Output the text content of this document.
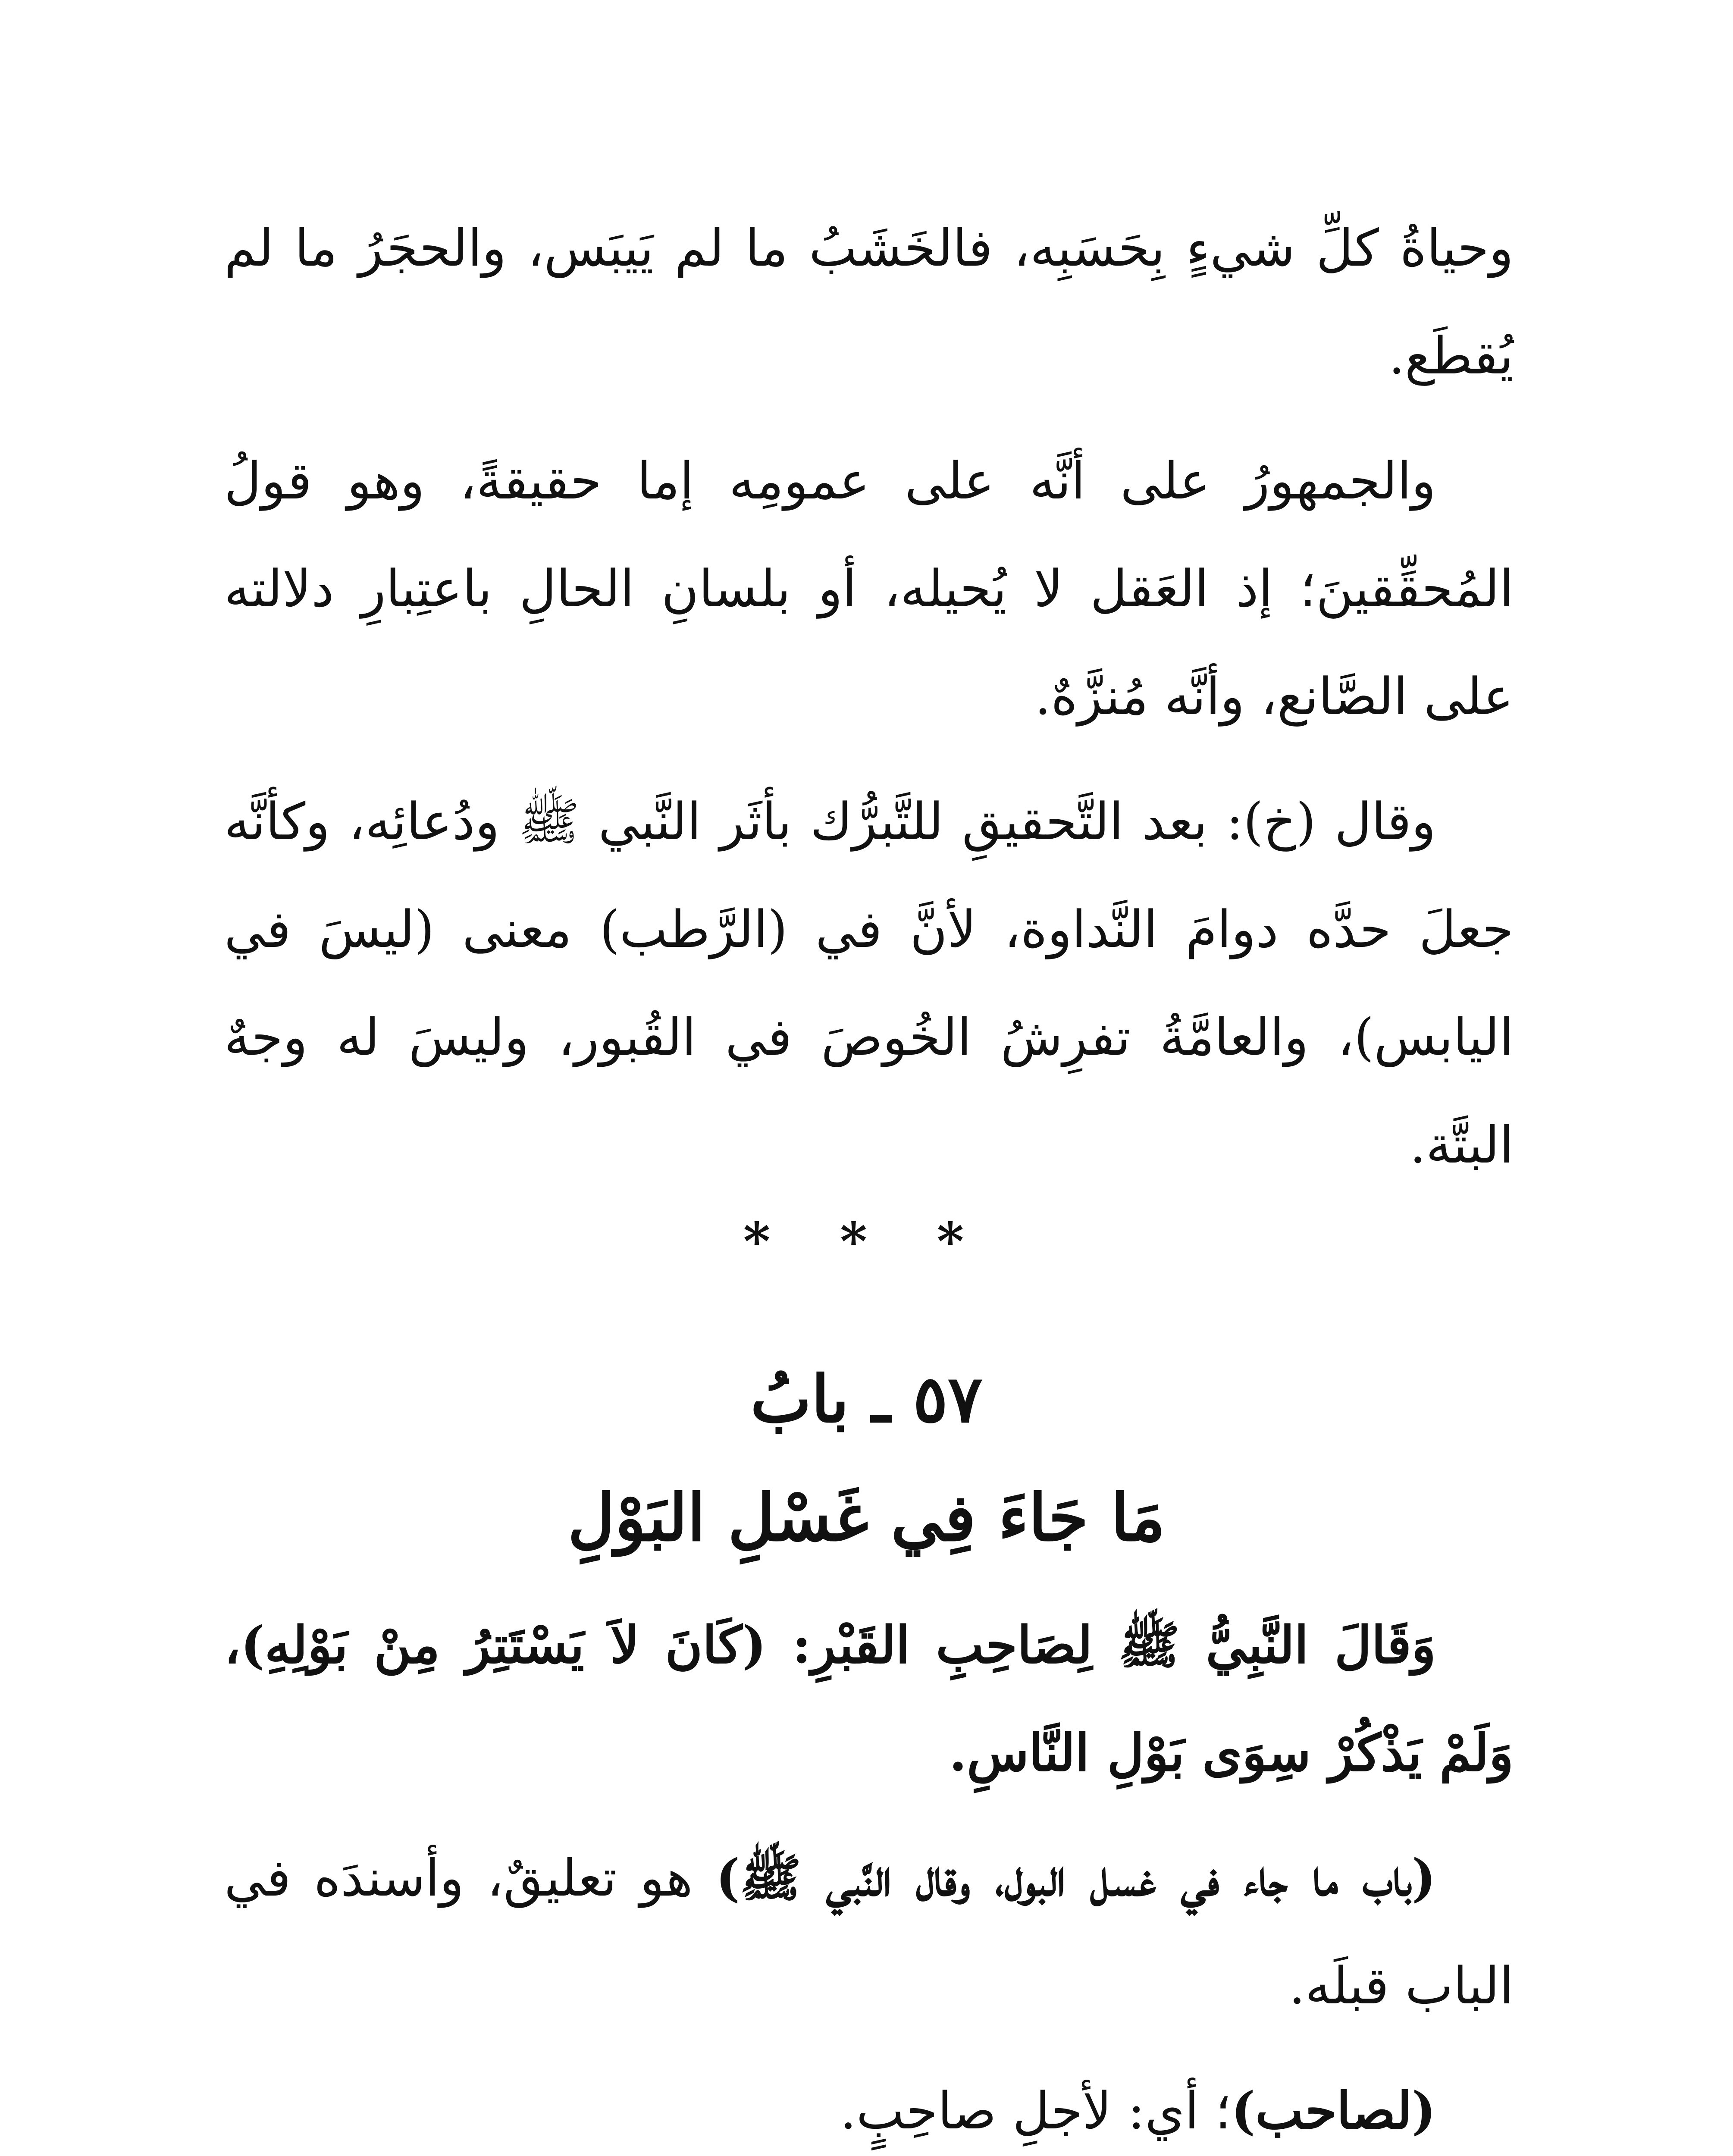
وحياةُ كلِّ شيءٍ بِحَسَبِه، فالخَشَبُ ما لم يَيبَس، والحجَرُ ما لم يُقطَع.

والجمهورُ على أنَّه على عمومِه إما حقيقةً، وهو قولُ المُحقِّقينَ؛ إذ العَقل لا يُحيله، أو بلسانِ الحالِ باعتِبارِ دلالته على الصَّانع، وأنَّه مُنزَّهٌ.

وقال (خ): بعد التَّحقيقِ للتَّبرُّك بأثَر النَّبي ﷺ ودُعائِه، وكأنَّه جعلَ حدَّه دوامَ النَّداوة، لأنَّ في (الرَّطب) معنى (ليسَ في اليابس)، والعامَّةُ تفرِشُ الخُوصَ في القُبور، وليسَ له وجهٌ البتَّة.

* * *
٥٧ ـ بابُ
مَا جَاءَ فِي غَسْلِ البَوْلِ

وَقَالَ النَّبِيُّ ﷺ لِصَاحِبِ القَبْرِ: (كَانَ لاَ يَسْتَتِرُ مِنْ بَوْلِهِ)، وَلَمْ يَذْكُرْ سِوَى بَوْلِ النَّاسِ.

(باب ما جاء في غسل البول، وقال النَّبي ﷺ) هو تعليقٌ، وأسندَه في الباب قبلَه.

(لصاحب)؛ أي: لأجلِ صاحِبٍ.
